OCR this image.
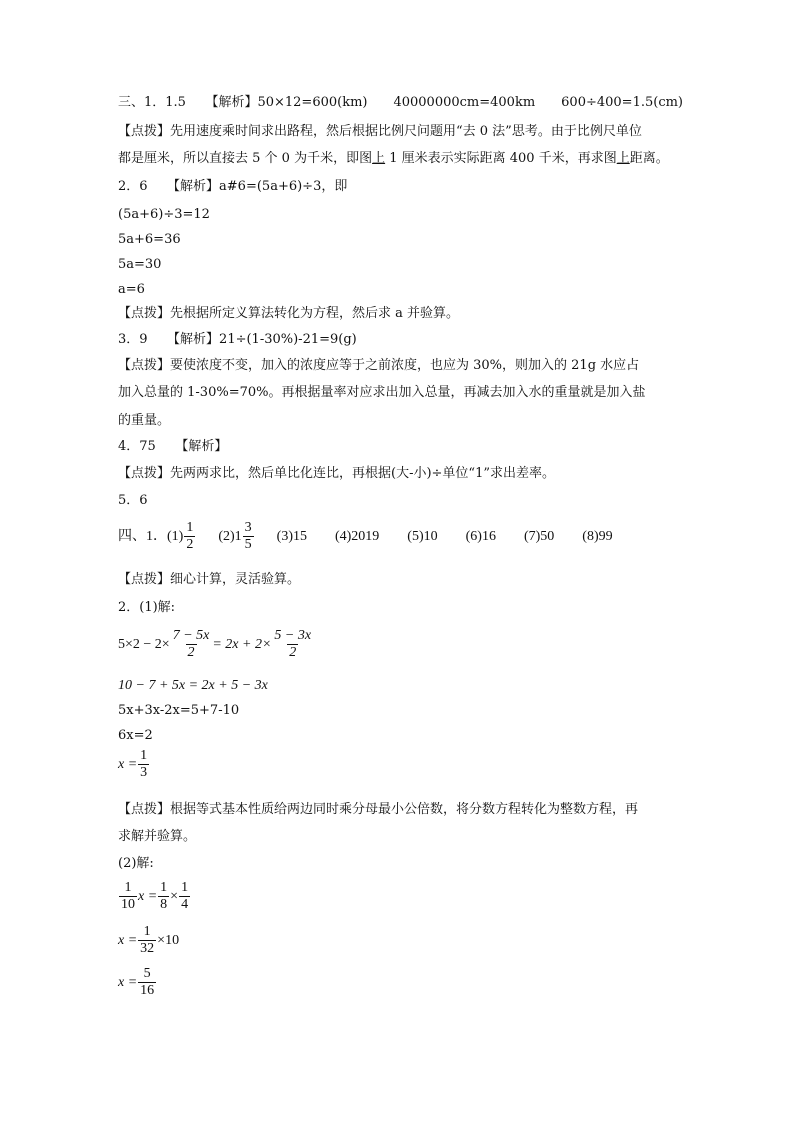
三、1．1.5　　【解析】50×12=600(km)　　40000000cm=400km　　600÷400=1.5(cm)
【点拨】先用速度乘时间求出路程，然后根据比例尺问题用“去 0 法”思考。由于比例尺单位
都是厘米，所以直接去 5 个 0 为千米，即图上 1 厘米表示实际距离 400 千米，再求图上距离。
2．6　　【解析】a#6=(5a+6)÷3，即
(5a+6)÷3=12
5a+6=36
5a=30
a=6
【点拨】先根据所定义算法转化为方程，然后求 a 并验算。
3．9　　【解析】21÷(1-30%)-21=9(g)
【点拨】要使浓度不变，加入的浓度应等于之前浓度，也应为 30%，则加入的 21g 水应占
加入总量的 1-30%=70%。再根据量率对应求出加入总量，再减去加入水的重量就是加入盐
的重量。
4．75　　【解析】
【点拨】先两两求比，然后单比化连比，再根据(大-小)÷单位“1”求出差率。
5．6
四、1．$(1) \frac{1}{2} (2)1 \frac{3}{5} (3)15$　　(4)2019　　(5)10　　(6)16　　(7)50　　(8)99
【点拨】细心计算，灵活验算。
2．(1)解:
$5\times 2 - 2\times \frac{7 - 5x}{2} = 2x + 2\times \frac{5 - 3x}{2}$
10 − 7 + 5x = 2x + 5 − 3x
5x+3x-2x=5+7-10
6x=2
$x = \frac{1}{3}$
【点拨】根据等式基本性质给两边同时乘分母最小公倍数，将分数方程转化为整数方程，再
求解并验算。
(2)解:
$\frac{1}{10}$ $x = \frac{1}{8} \times \frac{1}{4}$
$x = \frac{1}{32} \times 10$
$x = \frac{5}{16}$
